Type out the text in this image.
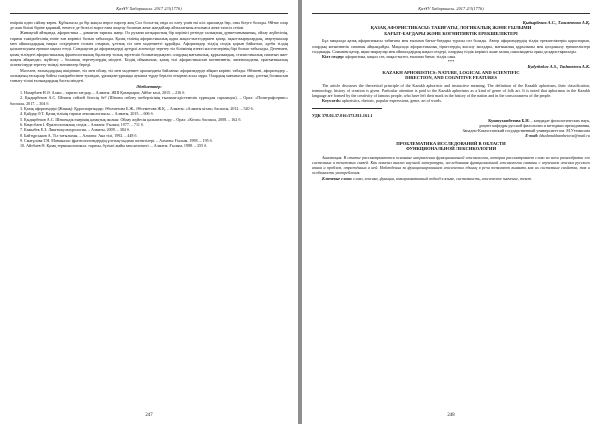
ҚазҰУ Хабаршысы. 2017 2/3(1776)

өмірлік идеи сайлау керек. Құбылысы да бір жақсы нөрсе нәрсер жоқ Сол болса-ақ онда ол өлеу үшін екі кісі арасында бар, оны білуге болады. Өйтке олар де жан білімі біріне қарамай, немесе де белгілі нәрсе ғана жоқтау болатын жеке жағдайлар айтылатыны аталмаса жеке тәмсіл сезімі.

Жинақтай айтқанда, афористика – дамыған тарихы жанр. Ол рухани көзқарастың бір көрінісі ретінде халықтың дүниетанымының, ойлау жүйесінің, тарихи тәжірибесінің өзіне тән көрінісі болып табылады. Қазақ тілінің афористикалық қоры мақал-мәтелдермен қатар, ақын-жыраулардың, ағартушылар мен ойшылдардың нақыл сөздерімен толыға отырып, ұлттық тіл мен мәдениетті құрайды. Афоризмдер тілдің сөздік қорын байытып, әдеби тілдің қалыптасуына ерекше ықпал етеді. Сондықтан да афоризмдерді әртүрлі аспектіде зерттеу тіл білімінің өзекті мәселелерінің бірі болып табылады. Дегенмен, қазақ тіліндегі афористикалық фразеологиялық бірліктер толық зерттеліп болмағандықтан, олардың мағыналық, құрылымдық, стилистикалық сипатын жан-жақты айқындап, жүйелеу – болашақ зерттеулердің міндеті. Біздің ойымызша, қазақ тілі афористикасын когнитивтік, лингвомәдени, прагматикалық аспектілерде зерттеу тиімді нәтижелер береді.

Мәселен, ғалымдардың пікірінше, тіл мен ойлау, тіл мен мәдениет арасындағы байланыс афоризмдерде айқын көрініс табады. Өйткені, афоризмдер – халықтың ғасырлар бойғы тәжірибесінен туындап, ұрпақтан-ұрпаққа ауызша түрде беріліп отырған асыл мұра. Олардың мағынасын ашу, ұлттық болмысын таныту тілші ғалымдардың басты міндеті.

Әдебиеттер:
1. Назарбаев Н.Ә. Алаш – тарихи тағдыр. – Алматы: ЖШ Қазақпарат, Айбат көлі, 2015. – 216 б.
2. Қыдырбеков А.С. Шешен сөйлей білесің бе? (Шешен сөйлеу шеберлігінің ғылыми-әдістемелік тұрғыдан саралануы). – Орал: «Полиграфсервис» баспасы, 2017. – 304 б.
3. Қазақ афоризмдері (Жинақ): Құрастырғандар: Әбсеметова Б.Ж., Әбсеметова Ж.Қ. – Алматы: «Алматы кітап» баспасы, 2012. – 520 б.
4. Қайдар Ә.Т. Қазақ тілінің тарихи лексикологиясы. – Алматы, 2015. – 606 б.
5. Қыдырбеков А.С. Шешендік өнерінің қазақтық жолын: Ойлау жүйесін қалыптастыру. – Орал: «Кітап» баспасы, 2008. – 162 б.
6. Кеңесбаев І. Фразеологиялық сөздік – Алматы: Ғылым, 1977. – 711 б.
7. Кажыбек Е.З. Лингвокультурология. – Алматы, 2009. – 384 б.
8. Байтұрсынов А. Тіл тағылымы. – Алматы: Ана тілі, 1992. – 448 б.
9. Смағұлова Г.Н. Мағыналас фразеологизмдердің ұлттық-мәдени аспектілері. – Алматы: Ғылым, 1998. – 195 б.
10. Айтбаев Ө. Қазақ терминологиясы: тарихы, бүгінгі жайы мен келешегі. – Алматы: Ғылым, 1988. – 255 б.
247
ҚазҰУ Хабаршысы. 2017 2/3(1776)
Қыдырбеков А.С., Тәшметова А.Қ.
ҚАЗАҚ АФОРИСТИКАСЫ: ТАБИҒАТЫ, ЛОГИКАЛЫҚ ЖӘНЕ ҒЫЛЫМИ
БАҒЫТ-БАҒДАРЫ ЖӘНЕ КОГНИТИВТІК ЕРЕКШЕЛІКТЕРІ

Бұл мақалада қазақ афористикасы табиғаты мен ғылыми бағыт-бағдары туралы сөз болады. Автор афоризмдердің тілдік ерекшеліктерін қарастырып, олардың когнитивтік сипатын айқындайды. Мақалада афористикалық тіркестердің жасалу жолдары, мағыналық құрылымы мен қолданылу ерекшеліктері талданады. Сонымен қатар, ақын-жыраулар мен ойшылдардың нақыл сөздері, олардың тілдік көрінісі және халық санасындағы орны да қарастырылады.

Кілт сөздер: афористика, нақыл сөз, мақал-мәтел, ғылыми бағыт, тілдік сана.

***
Kydyrbekov A.S., Tashmetova A.K.
KAZAKH APHORISTICS: NATURE, LOGICAL AND SCIENTIFIC
DIRECTION, AND COGNITIVE FEATURES

The article discusses the theoretical principle of the Kazakh aphoristic and instructive meaning. The definition of the Kazakh aphorisms, their classification, terminology, history of creation is given. Particular attention is paid to the Kazakh aphorisms as a kind of genre of folk art. It is noted that aphorisms in the Kazakh language are formed by the creativity of famous people, who have left their mark in the history of the nation and in the consciousness of the people.

Keywords: aphoristics, rhetoric, popular expressions, genre, art of words.

УДК 378.02.37.016:373.811.161.1
Кушмухамбетова Б.Н. – кандидат филологических наук,
доцент кафедры русской филологии и методики преподавания,
Западно-Казахстанский государственный университет им. М.Утемисова
E-mail: bkushmukhambetova@mail.ru
ПРОБЛЕМАТИКА ИССЛЕДОВАНИЙ В ОБЛАСТИ
ФУНКЦИОНАЛЬНОЙ ЛЕКСИКОЛОГИИ

Аннотация. В статье рассматриваются основные направления функциональной лексикологии, которая рассматривает слово во всем разнообразии его системных и текстовых связей. Как показал анализ научной литературы, исследования функциональной лексикологии связаны с изучением лексики русского языка и проблем, отражённых в ней. Наблюдения за функционированием лексических единиц в речи позволяют выявить как их системные свойства, так и особенности употребления.

Ключевые слова: слово, лексика, функция, коммуникативный подход в языке, системность, лексическое значение, текст.

248
